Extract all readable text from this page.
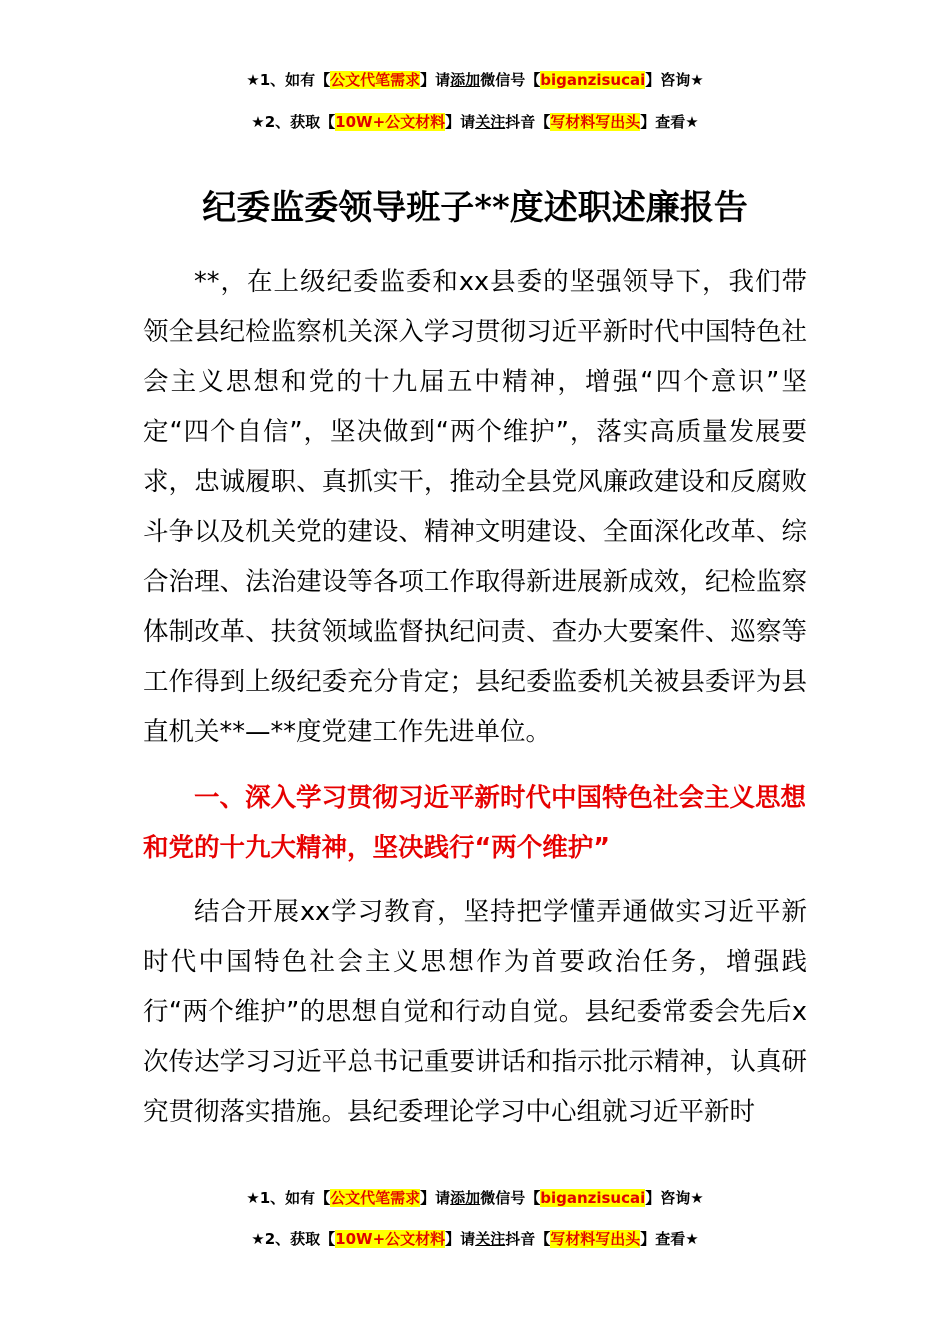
★1、如有【公文代笔需求】请添加微信号【biganzisucai】咨询★
★2、获取【10W+公文材料】请关注抖音【写材料写出头】查看★
纪委监委领导班子**度述职述廉报告

**，在上级纪委监委和xx县委的坚强领导下，我们带领全县纪检监察机关深入学习贯彻习近平新时代中国特色社会主义思想和党的十九届五中精神，增强“四个意识”坚定“四个自信”，坚决做到“两个维护”，落实高质量发展要求，忠诚履职、真抓实干，推动全县党风廉政建设和反腐败斗争以及机关党的建设、精神文明建设、全面深化改革、综合治理、法治建设等各项工作取得新进展新成效，纪检监察体制改革、扶贫领域监督执纪问责、查办大要案件、巡察等工作得到上级纪委充分肯定；县纪委监委机关被县委评为县直机关**—**度党建工作先进单位。

一、深入学习贯彻习近平新时代中国特色社会主义思想和党的十九大精神，坚决践行“两个维护”

结合开展xx学习教育，坚持把学懂弄通做实习近平新时代中国特色社会主义思想作为首要政治任务，增强践行“两个维护”的思想自觉和行动自觉。县纪委常委会先后x次传达学习习近平总书记重要讲话和指示批示精神，认真研究贯彻落实措施。县纪委理论学习中心组就习近平新时

★1、如有【公文代笔需求】请添加微信号【biganzisucai】咨询★
★2、获取【10W+公文材料】请关注抖音【写材料写出头】查看★
